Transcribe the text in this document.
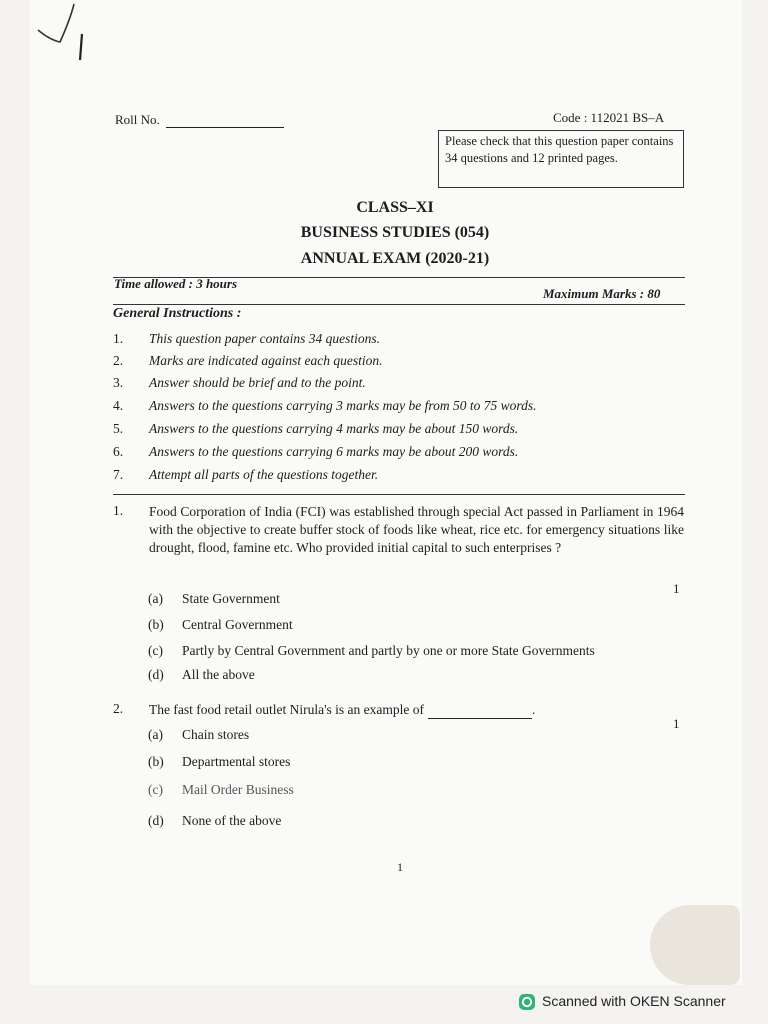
Roll No.	Code : 112021 BS–A
Please check that this question paper contains 34 questions and 12 printed pages.
CLASS–XI
BUSINESS STUDIES (054)
ANNUAL EXAM (2020-21)
Time allowed : 3 hours
Maximum Marks : 80
General Instructions :
1. This question paper contains 34 questions.
2. Marks are indicated against each question.
3. Answer should be brief and to the point.
4. Answers to the questions carrying 3 marks may be from 50 to 75 words.
5. Answers to the questions carrying 4 marks may be about 150 words.
6. Answers to the questions carrying 6 marks may be about 200 words.
7. Attempt all parts of the questions together.
1. Food Corporation of India (FCI) was established through special Act passed in Parliament in 1964 with the objective to create buffer stock of foods like wheat, rice etc. for emergency situations like drought, flood, famine etc. Who provided initial capital to such enterprises ?
1
(a) State Government
(b) Central Government
(c) Partly by Central Government and partly by one or more State Governments
(d) All the above
2. The fast food retail outlet Nirula's is an example of	.
1
(a) Chain stores
(b) Departmental stores
(c) Mail Order Business
(d) None of the above
1
Scanned with OKEN Scanner
